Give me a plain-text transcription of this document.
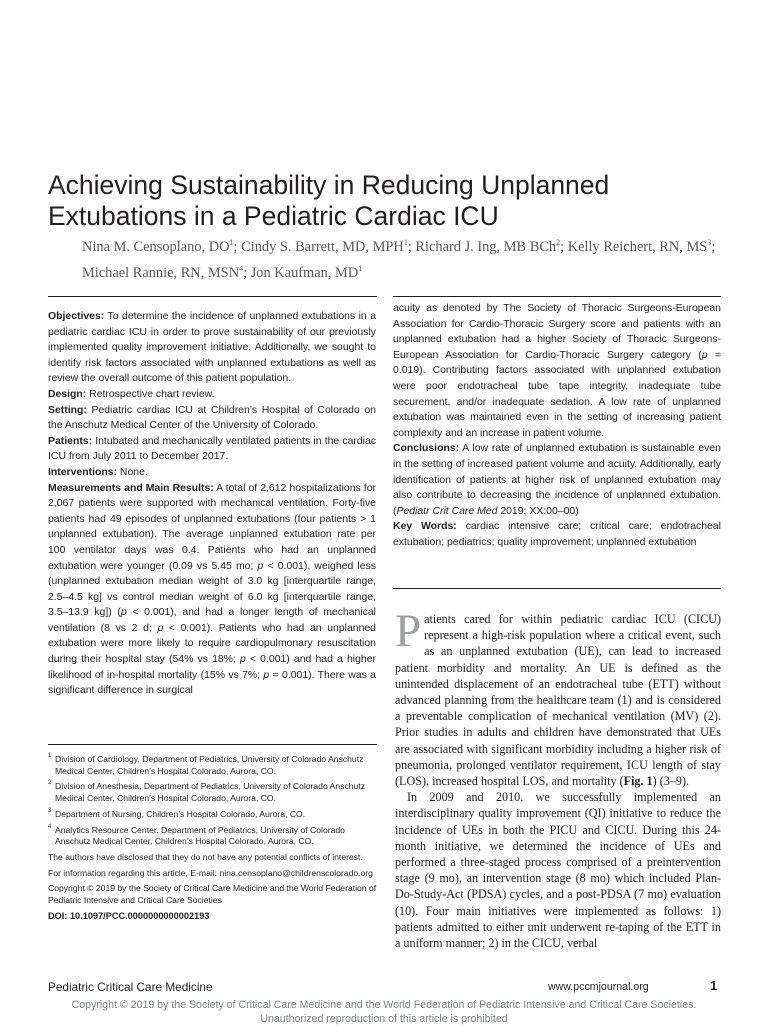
Achieving Sustainability in Reducing Unplanned
Extubations in a Pediatric Cardiac ICU
Nina M. Censoplano, $DO^1$; Cindy S. Barrett, MD, MPH$^1$; Richard J. Ing, MB BCh$^2$; Kelly Reichert, RN, $MS^3$; Michael Rannie, RN, MSN$^4$; Jon Kaufman, $MD^1$

Objectives: To determine the incidence of unplanned extubations in a pediatric cardiac ICU in order to prove sustainability of our previously implemented quality improvement initiative. Additionally, we sought to identify risk factors associated with unplanned extubations as well as review the overall outcome of this patient population.

Design: Retrospective chart review.

Setting: Pediatric cardiac ICU at Children’s Hospital of Colorado on the Anschutz Medical Center of the University of Colorado.

Patients: Intubated and mechanically ventilated patients in the cardiac ICU from July 2011 to December 2017.

Interventions: None.

Measurements and Main Results: A total of 2,612 hospitalizations for 2,067 patients were supported with mechanical ventilation. Forty-five patients had 49 episodes of unplanned extubations (four patients > 1 unplanned extubation). The average unplanned extubation rate per 100 ventilator days was 0.4. Patients who had an unplanned extubation were younger (0.09 vs 5.45 mo; p < 0.001), weighed less (unplanned extubation median weight of 3.0 kg [interquartile range, 2.5–4.5 kg] vs control median weight of 6.0 kg [interquartile range, 3.5–13.9 kg]) (p < 0.001), and had a longer length of mechanical ventilation (8 vs 2 d; p < 0.001). Patients who had an unplanned extubation were more likely to require cardiopulmonary resuscitation during their hospital stay (54% vs 18%; p < 0.001) and had a higher likelihood of in-hospital mortality (15% vs 7%; p = 0.001). There was a significant difference in surgical

acuity as denoted by The Society of Thoracic Surgeons-European Association for Cardio-Thoracic Surgery score and patients with an unplanned extubation had a higher Society of Thoracic Surgeons-European Association for Cardio-Thoracic Surgery category (p = 0.019). Contributing factors associated with unplanned extubation were poor endotracheal tube tape integrity, inadequate tube securement, and/or inadequate sedation. A low rate of unplanned extubation was maintained even in the setting of increasing patient complexity and an increase in patient volume.

Conclusions: A low rate of unplanned extubation is sustainable even in the setting of increased patient volume and acuity. Additionally, early identification of patients at higher risk of unplanned extubation may also contribute to decreasing the incidence of unplanned extubation. (Pediatr Crit Care Med 2019; XX:00–00)

Key Words: cardiac intensive care; critical care; endotracheal extubation; pediatrics; quality improvement; unplanned extubation

1 Division of Cardiology, Department of Pediatrics, University of Colorado Anschutz Medical Center, Children’s Hospital Colorado, Aurora, CO.

2 Division of Anesthesia, Department of Pediatrics, University of Colorado Anschutz Medical Center, Children’s Hospital Colorado, Aurora, CO.

3 Department of Nursing, Children’s Hospital Colorado, Aurora, CO.

4 Analytics Resource Center, Department of Pediatrics, University of Colorado Anschutz Medical Center, Children’s Hospital Colorado, Aurora, CO.

The authors have disclosed that they do not have any potential conflicts of interest.

For information regarding this article, E-mail: nina.censoplano@childrenscolorado.org

Copyright © 2019 by the Society of Critical Care Medicine and the World Federation of Pediatric Intensive and Critical Care Societies

DOI: 10.1097/PCC.0000000000002193

Patients cared for within pediatric cardiac ICU (CICU) represent a high-risk population where a critical event, such as an unplanned extubation (UE), can lead to increased patient morbidity and mortality. An UE is defined as the unintended displacement of an endotracheal tube (ETT) without advanced planning from the healthcare team (1) and is considered a preventable complication of mechanical ventilation (MV) (2). Prior studies in adults and children have demonstrated that UEs are associated with significant morbidity including a higher risk of pneumonia, prolonged ventilator requirement, ICU length of stay (LOS), increased hospital LOS, and mortality (Fig. 1) (3–9).

In 2009 and 2010, we successfully implemented an interdisciplinary quality improvement (QI) initiative to reduce the incidence of UEs in both the PICU and CICU. During this 24-month initiative, we determined the incidence of UEs and performed a three-staged process comprised of a preintervention stage (9 mo), an intervention stage (8 mo) which included Plan-Do-Study-Act (PDSA) cycles, and a post-PDSA (7 mo) evaluation (10). Four main initiatives were implemented as follows: 1) patients admitted to either unit underwent re-taping of the ETT in a uniform manner; 2) in the CICU, verbal

Pediatric Critical Care Medicine	www.pccmjournal.org	1
Copyright © 2019 by the Society of Critical Care Medicine and the World Federation of Pediatric Intensive and Critical Care Societies.
Unauthorized reproduction of this article is prohibited
